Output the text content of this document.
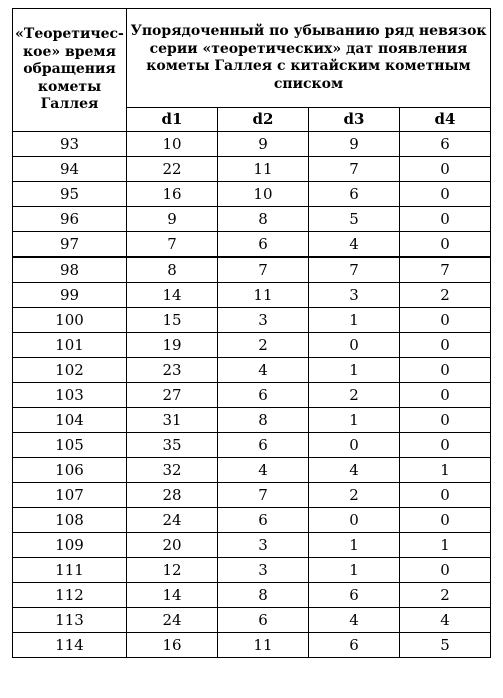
«Теоретичес-кое» время обращения кометы Галлея	Упорядоченный по убыванию ряд невязок серии «теоретических» дат появления кометы Галлея с китайским кометным списком			
	d1	d2	d3	d4
93	10	9	9	6
94	22	11	7	0
95	16	10	6	0
96	9	8	5	0
97	7	6	4	0
98	8	7	7	7
99	14	11	3	2
100	15	3	1	0
101	19	2	0	0
102	23	4	1	0
103	27	6	2	0
104	31	8	1	0
105	35	6	0	0
106	32	4	4	1
107	28	7	2	0
108	24	6	0	0
109	20	3	1	1
111	12	3	1	0
112	14	8	6	2
113	24	6	4	4
114	16	11	6	5
